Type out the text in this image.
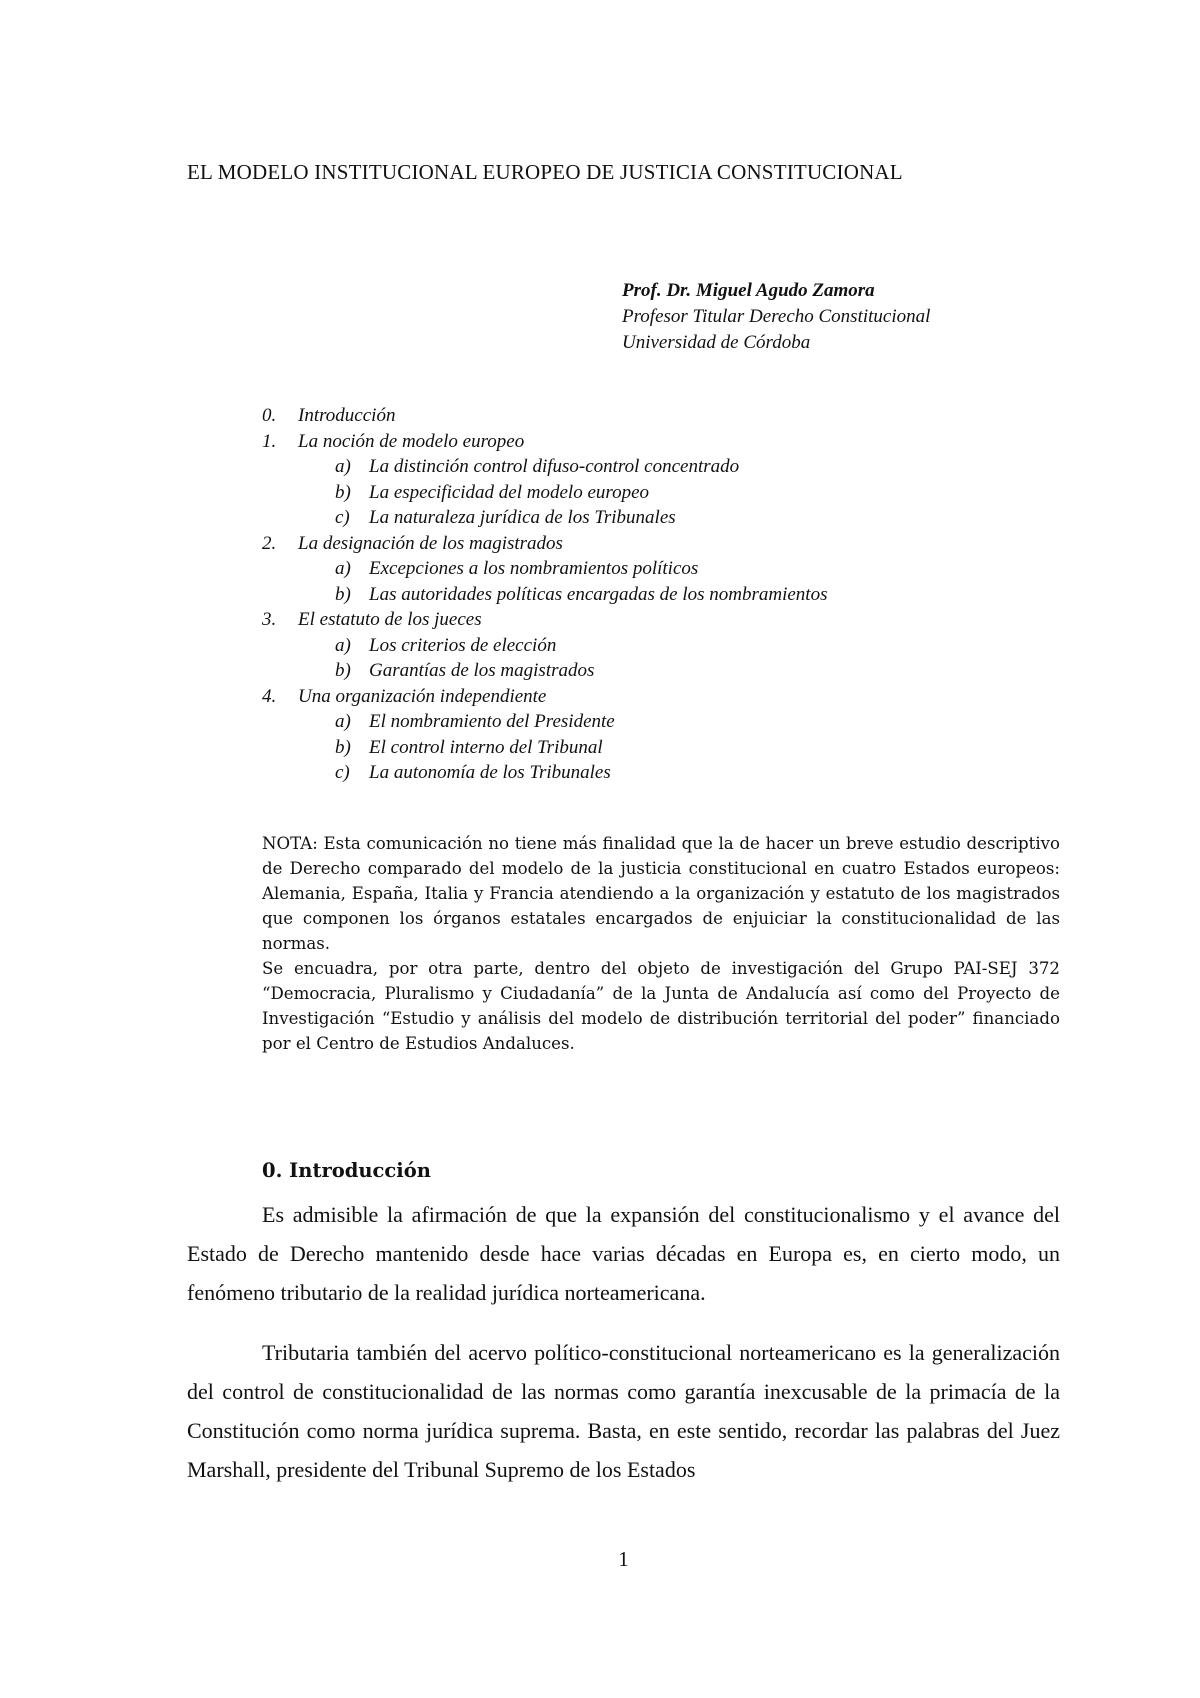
EL MODELO INSTITUCIONAL EUROPEO DE JUSTICIA CONSTITUCIONAL
Prof. Dr. Miguel Agudo Zamora
Profesor Titular Derecho Constitucional
Universidad de Córdoba
0.	Introducción
1.	La noción de modelo europeo
a) La distinción control difuso-control concentrado
b) La especificidad del modelo europeo
c)	La naturaleza jurídica de los Tribunales
2.	La designación de los magistrados
a) Excepciones a los nombramientos políticos
b) Las autoridades políticas encargadas de los nombramientos
3.	El estatuto de los jueces
a) Los criterios de elección
b) Garantías de los magistrados
4.	Una organización independiente
a) El nombramiento del Presidente
b) El control interno del Tribunal
c)	La autonomía de los Tribunales

NOTA: Esta comunicación no tiene más finalidad que la de hacer un breve estudio descriptivo de Derecho comparado del modelo de la justicia constitucional en cuatro Estados europeos: Alemania, España, Italia y Francia atendiendo a la organización y estatuto de los magistrados que componen los órganos estatales encargados de enjuiciar la constitucionalidad de las normas.

Se encuadra, por otra parte, dentro del objeto de investigación del Grupo PAI-SEJ 372 “Democracia, Pluralismo y Ciudadanía” de la Junta de Andalucía así como del Proyecto de Investigación “Estudio y análisis del modelo de distribución territorial del poder” financiado por el Centro de Estudios Andaluces.

0. Introducción

Es admisible la afirmación de que la expansión del constitucionalismo y el avance del Estado de Derecho mantenido desde hace varias décadas en Europa es, en cierto modo, un fenómeno tributario de la realidad jurídica norteamericana.

Tributaria también del acervo político-constitucional norteamericano es la generalización del control de constitucionalidad de las normas como garantía inexcusable de la primacía de la Constitución como norma jurídica suprema. Basta, en este sentido, recordar las palabras del Juez Marshall, presidente del Tribunal Supremo de los Estados

1
